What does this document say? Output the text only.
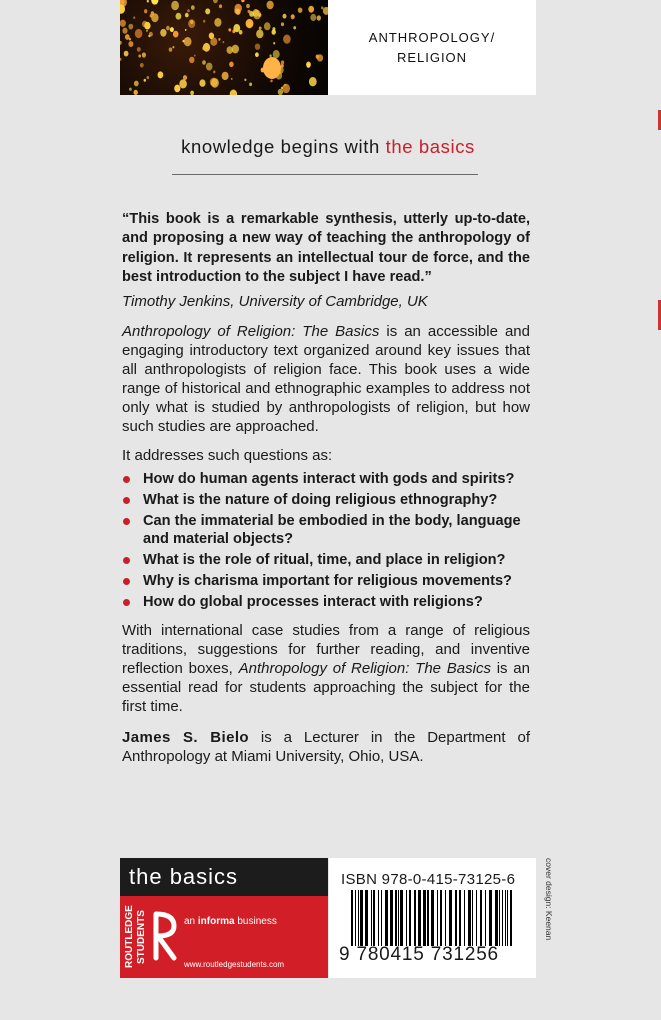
ANTHROPOLOGY/
RELIGION
knowledge begins with the basics

“This book is a remarkable synthesis, utterly up-to-date, and proposing a new way of teaching the anthropology of religion. It represents an intellectual tour de force, and the best introduction to the subject I have read.”

Timothy Jenkins, University of Cambridge, UK

Anthropology of Religion: The Basics is an accessible and engaging introductory text organized around key issues that all anthropologists of religion face. This book uses a wide range of historical and ethnographic examples to address not only what is studied by anthropologists of religion, but how such studies are approached.

It addresses such questions as:

How do human agents interact with gods and spirits?
What is the nature of doing religious ethnography?
Can the immaterial be embodied in the body, language and material objects?
What is the role of ritual, time, and place in religion?
Why is charisma important for religious movements?
How do global processes interact with religions?

With international case studies from a range of religious traditions, suggestions for further reading, and inventive reflection boxes, Anthropology of Religion: The Basics is an essential read for students approaching the subject for the first time.

James S. Bielo is a Lecturer in the Department of Anthropology at Miami University, Ohio, USA.

the basics
ROUTLEDGE STUDENTS	an informa business
www.routledgestudents.com
ISBN 978-0-415-73125-6
9 780415 731256
cover design: Keenan
